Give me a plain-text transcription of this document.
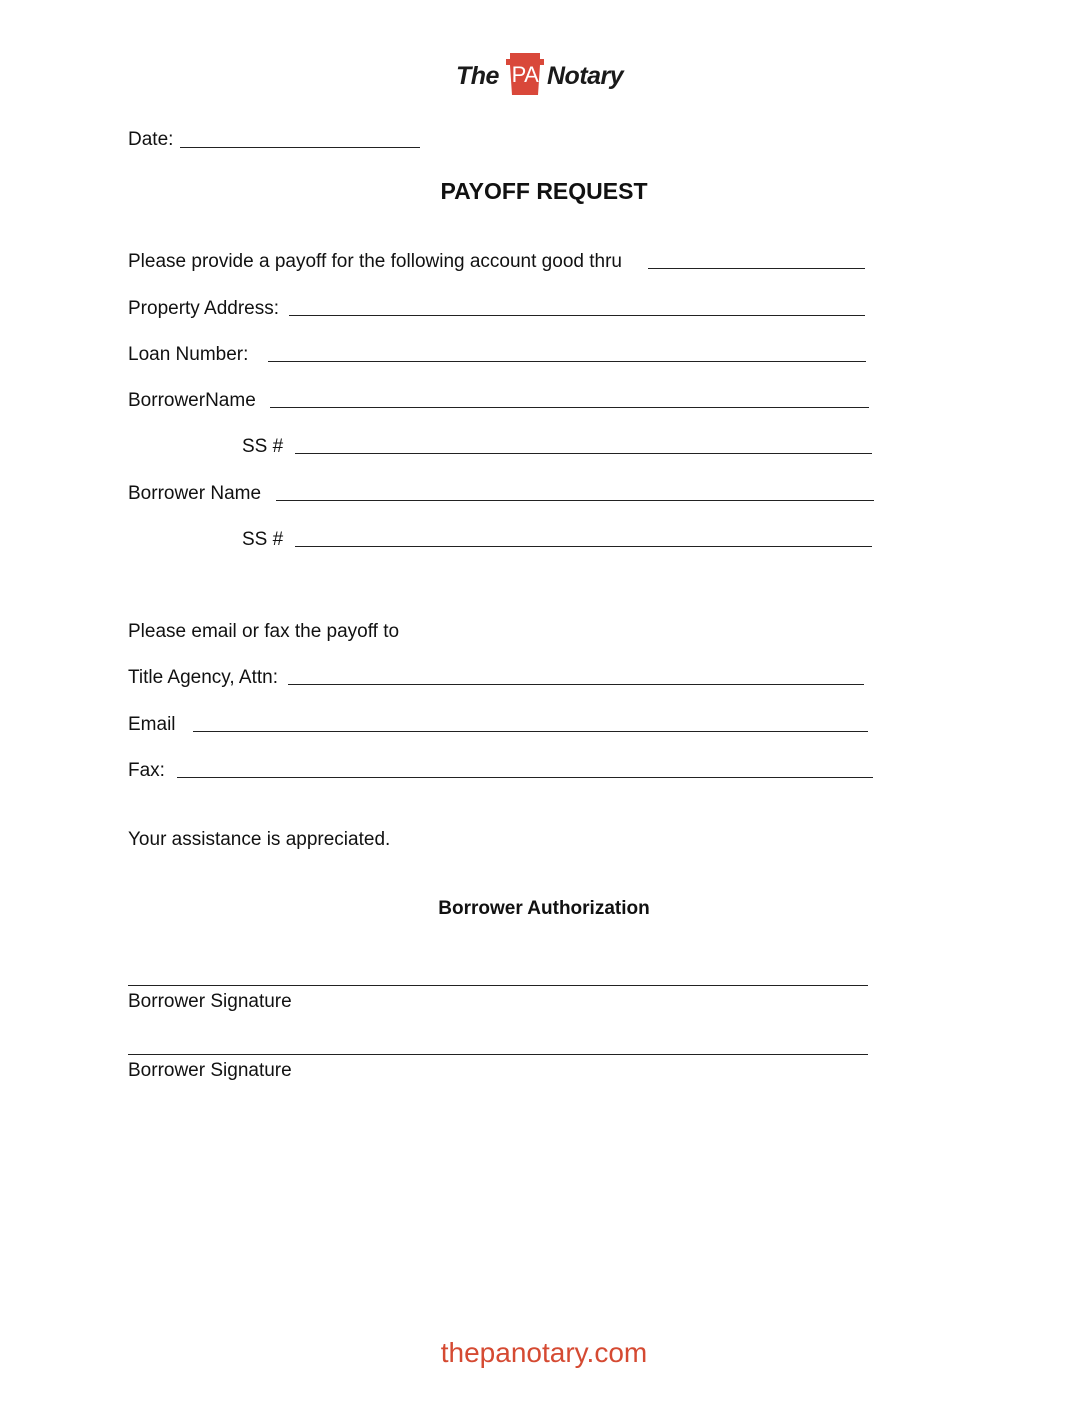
The PA Notary
Date:
PAYOFF REQUEST
Please provide a payoff for the following account good thru
Property Address:
Loan Number:
BorrowerName
SS #
Borrower Name
SS #
Please email or fax the payoff to
Title Agency, Attn:
Email
Fax:
Your assistance is appreciated.
Borrower Authorization
Borrower Signature
Borrower Signature
thepanotary.com
